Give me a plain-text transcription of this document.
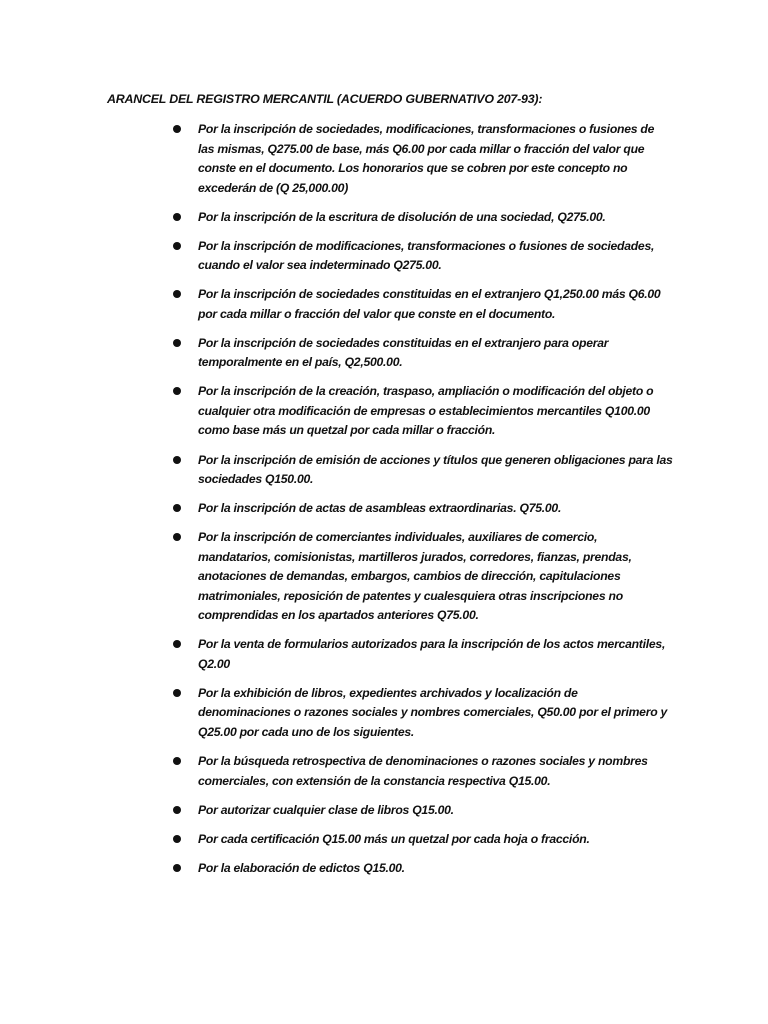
ARANCEL DEL REGISTRO MERCANTIL (ACUERDO GUBERNATIVO 207-93):
Por la inscripción de sociedades, modificaciones, transformaciones o fusiones de las mismas, Q275.00 de base, más Q6.00 por cada millar o fracción del valor que conste en el documento. Los honorarios que se cobren por este concepto no excederán de (Q 25,000.00)
Por la inscripción de la escritura de disolución de una sociedad, Q275.00.
Por la inscripción de modificaciones, transformaciones o fusiones de sociedades, cuando el valor sea indeterminado Q275.00.
Por la inscripción de sociedades constituidas en el extranjero Q1,250.00 más Q6.00 por cada millar o fracción del valor que conste en el documento.
Por la inscripción de sociedades constituidas en el extranjero para operar temporalmente en el país, Q2,500.00.
Por la inscripción de la creación, traspaso, ampliación o modificación del objeto o cualquier otra modificación de empresas o establecimientos mercantiles Q100.00 como base más un quetzal por cada millar o fracción.
Por la inscripción de emisión de acciones y títulos que generen obligaciones para las sociedades Q150.00.
Por la inscripción de actas de asambleas extraordinarias. Q75.00.
Por la inscripción de comerciantes individuales, auxiliares de comercio, mandatarios, comisionistas, martilleros jurados, corredores, fianzas, prendas, anotaciones de demandas, embargos, cambios de dirección, capitulaciones matrimoniales, reposición de patentes y cualesquiera otras inscripciones no comprendidas en los apartados anteriores Q75.00.
Por la venta de formularios autorizados para la inscripción de los actos mercantiles, Q2.00
Por la exhibición de libros, expedientes archivados y localización de denominaciones o razones sociales y nombres comerciales, Q50.00 por el primero y Q25.00 por cada uno de los siguientes.
Por la búsqueda retrospectiva de denominaciones o razones sociales y nombres comerciales, con extensión de la constancia respectiva Q15.00.
Por autorizar cualquier clase de libros Q15.00.
Por cada certificación Q15.00 más un quetzal por cada hoja o fracción.
Por la elaboración de edictos Q15.00.
